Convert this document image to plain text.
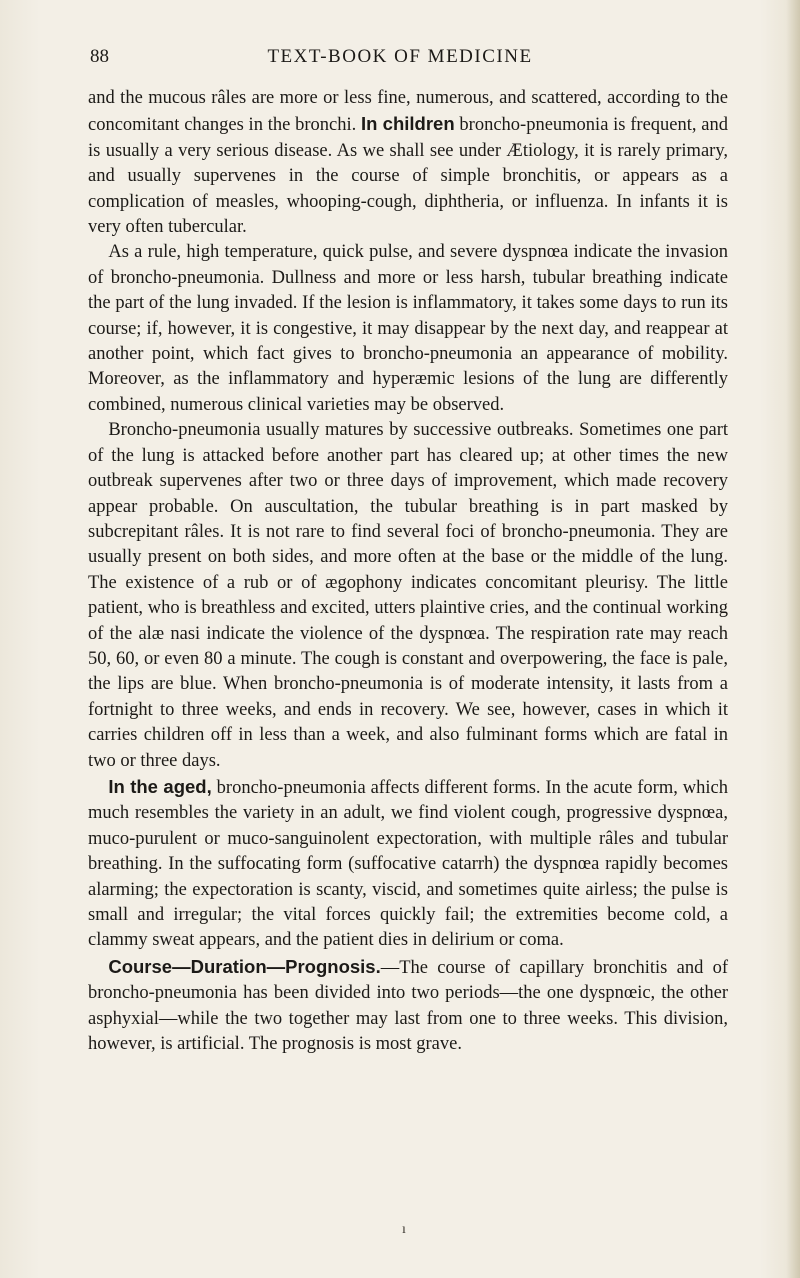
88	TEXT-BOOK OF MEDICINE

and the mucous râles are more or less fine, numerous, and scattered, according to the concomitant changes in the bronchi. In children broncho-pneumonia is frequent, and is usually a very serious disease. As we shall see under Ætiology, it is rarely primary, and usually supervenes in the course of simple bronchitis, or appears as a complication of measles, whooping-cough, diphtheria, or influenza. In infants it is very often tubercular.

As a rule, high temperature, quick pulse, and severe dyspnœa indicate the invasion of broncho-pneumonia. Dullness and more or less harsh, tubular breathing indicate the part of the lung invaded. If the lesion is inflammatory, it takes some days to run its course; if, however, it is congestive, it may disappear by the next day, and reappear at another point, which fact gives to broncho-pneumonia an appearance of mobility. Moreover, as the inflammatory and hyperæmic lesions of the lung are differently combined, numerous clinical varieties may be observed.

Broncho-pneumonia usually matures by successive outbreaks. Sometimes one part of the lung is attacked before another part has cleared up; at other times the new outbreak supervenes after two or three days of improvement, which made recovery appear probable. On auscultation, the tubular breathing is in part masked by subcrepitant râles. It is not rare to find several foci of broncho-pneumonia. They are usually present on both sides, and more often at the base or the middle of the lung. The existence of a rub or of ægophony indicates concomitant pleurisy. The little patient, who is breathless and excited, utters plaintive cries, and the continual working of the alæ nasi indicate the violence of the dyspnœa. The respiration rate may reach 50, 60, or even 80 a minute. The cough is constant and overpowering, the face is pale, the lips are blue. When broncho-pneumonia is of moderate intensity, it lasts from a fortnight to three weeks, and ends in recovery. We see, however, cases in which it carries children off in less than a week, and also fulminant forms which are fatal in two or three days.

In the aged, broncho-pneumonia affects different forms. In the acute form, which much resembles the variety in an adult, we find violent cough, progressive dyspnœa, muco-purulent or muco-sanguinolent expectoration, with multiple râles and tubular breathing. In the suffocating form (suffocative catarrh) the dyspnœa rapidly becomes alarming; the expectoration is scanty, viscid, and sometimes quite airless; the pulse is small and irregular; the vital forces quickly fail; the extremities become cold, a clammy sweat appears, and the patient dies in delirium or coma.

Course—Duration—Prognosis.—The course of capillary bronchitis and of broncho-pneumonia has been divided into two periods—the one dyspnœic, the other asphyxial—while the two together may last from one to three weeks. This division, however, is artificial. The prognosis is most grave.

ı
